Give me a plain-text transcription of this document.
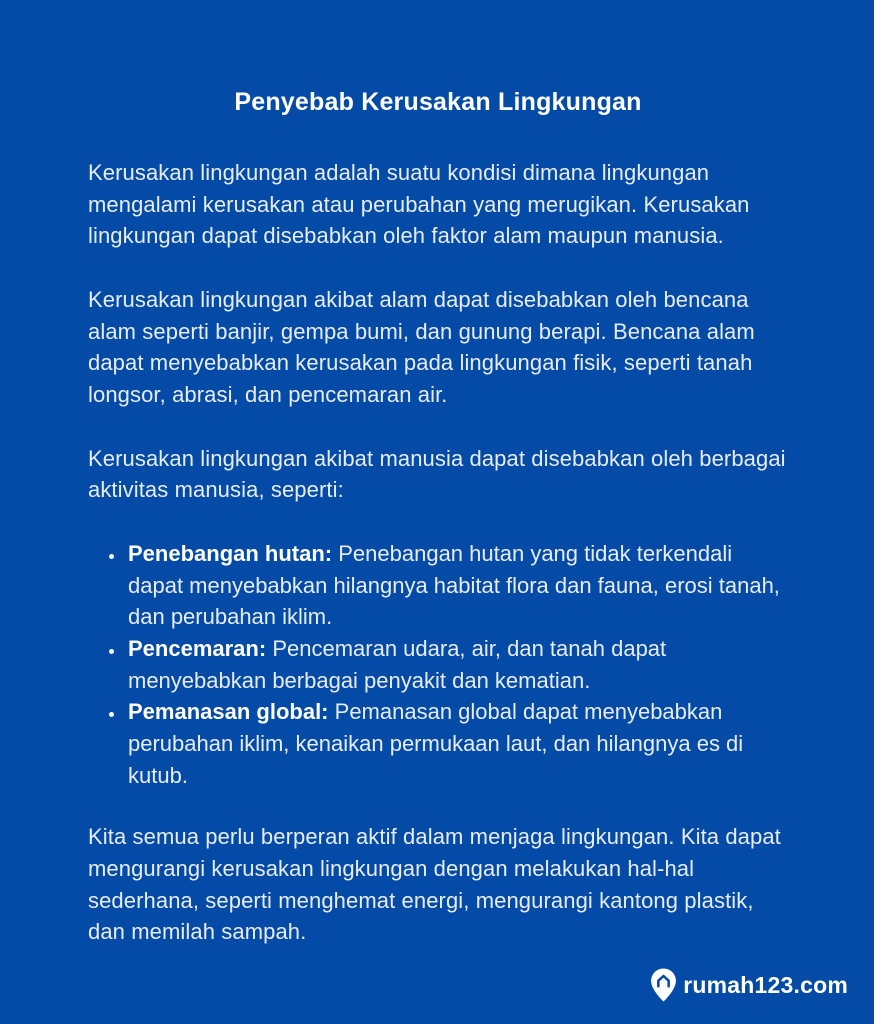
Penyebab Kerusakan Lingkungan

Kerusakan lingkungan adalah suatu kondisi dimana lingkungan mengalami kerusakan atau perubahan yang merugikan. Kerusakan lingkungan dapat disebabkan oleh faktor alam maupun manusia.

Kerusakan lingkungan akibat alam dapat disebabkan oleh bencana alam seperti banjir, gempa bumi, dan gunung berapi. Bencana alam dapat menyebabkan kerusakan pada lingkungan fisik, seperti tanah longsor, abrasi, dan pencemaran air.

Kerusakan lingkungan akibat manusia dapat disebabkan oleh berbagai aktivitas manusia, seperti:

• Penebangan hutan: Penebangan hutan yang tidak terkendali dapat menyebabkan hilangnya habitat flora dan fauna, erosi tanah, dan perubahan iklim.
• Pencemaran: Pencemaran udara, air, dan tanah dapat menyebabkan berbagai penyakit dan kematian.
• Pemanasan global: Pemanasan global dapat menyebabkan perubahan iklim, kenaikan permukaan laut, dan hilangnya es di kutub.

Kita semua perlu berperan aktif dalam menjaga lingkungan. Kita dapat mengurangi kerusakan lingkungan dengan melakukan hal-hal sederhana, seperti menghemat energi, mengurangi kantong plastik, dan memilah sampah.

rumah123.com
